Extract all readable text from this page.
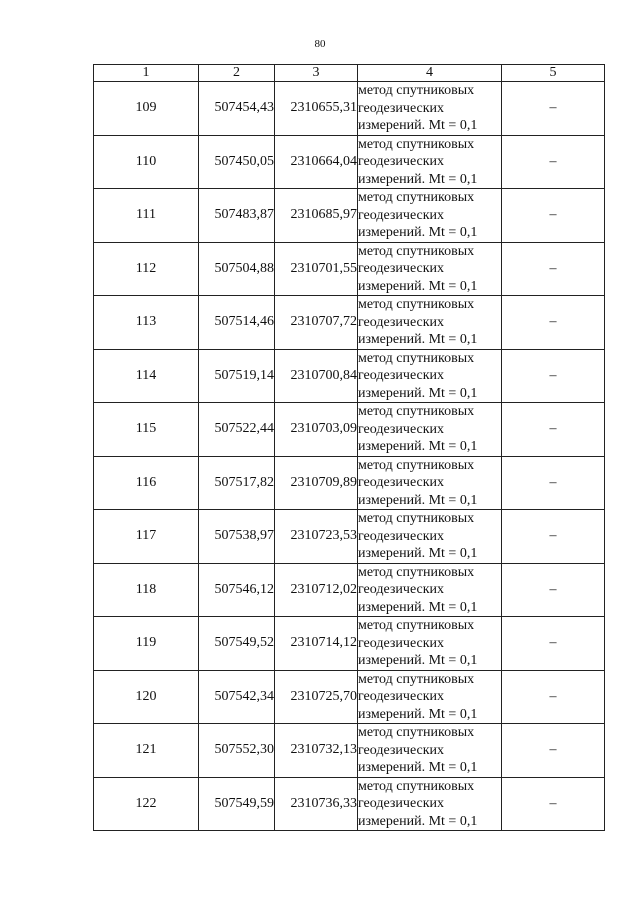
80
1	2	3	4	5
109	507454,43	2310655,31	метод спутниковых
геодезических
измерений. Mt = 0,1	–
110	507450,05	2310664,04	метод спутниковых
геодезических
измерений. Mt = 0,1	–
111	507483,87	2310685,97	метод спутниковых
геодезических
измерений. Mt = 0,1	–
112	507504,88	2310701,55	метод спутниковых
геодезических
измерений. Mt = 0,1	–
113	507514,46	2310707,72	метод спутниковых
геодезических
измерений. Mt = 0,1	–
114	507519,14	2310700,84	метод спутниковых
геодезических
измерений. Mt = 0,1	–
115	507522,44	2310703,09	метод спутниковых
геодезических
измерений. Mt = 0,1	–
116	507517,82	2310709,89	метод спутниковых
геодезических
измерений. Mt = 0,1	–
117	507538,97	2310723,53	метод спутниковых
геодезических
измерений. Mt = 0,1	–
118	507546,12	2310712,02	метод спутниковых
геодезических
измерений. Mt = 0,1	–
119	507549,52	2310714,12	метод спутниковых
геодезических
измерений. Mt = 0,1	–
120	507542,34	2310725,70	метод спутниковых
геодезических
измерений. Mt = 0,1	–
121	507552,30	2310732,13	метод спутниковых
геодезических
измерений. Mt = 0,1	–
122	507549,59	2310736,33	метод спутниковых
геодезических
измерений. Mt = 0,1	–
